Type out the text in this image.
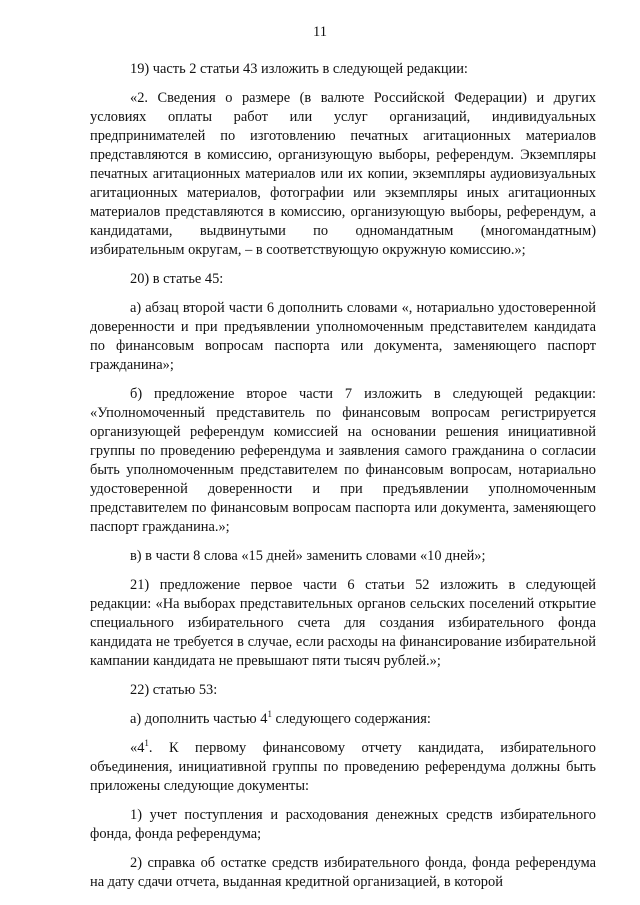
11

19) часть 2 статьи 43 изложить в следующей редакции:

«2. Сведения о размере (в валюте Российской Федерации) и других условиях оплаты работ или услуг организаций, индивидуальных предпринимателей по изготовлению печатных агитационных материалов представляются в комиссию, организующую выборы, референдум. Экземпляры печатных агитационных материалов или их копии, экземпляры аудиовизуальных агитационных материалов, фотографии или экземпляры иных агитационных материалов представляются в комиссию, организующую выборы, референдум, а кандидатами, выдвинутыми по одномандатным (многомандатным) избирательным округам, – в соответствующую окружную комиссию.»;

20) в статье 45:

а) абзац второй части 6 дополнить словами «, нотариально удостоверенной доверенности и при предъявлении уполномоченным представителем кандидата по финансовым вопросам паспорта или документа, заменяющего паспорт гражданина»;

б) предложение второе части 7 изложить в следующей редакции: «Уполномоченный представитель по финансовым вопросам регистрируется организующей референдум комиссией на основании решения инициативной группы по проведению референдума и заявления самого гражданина о согласии быть уполномоченным представителем по финансовым вопросам, нотариально удостоверенной доверенности и при предъявлении уполномоченным представителем по финансовым вопросам паспорта или документа, заменяющего паспорт гражданина.»;

в) в части 8 слова «15 дней» заменить словами «10 дней»;

21) предложение первое части 6 статьи 52 изложить в следующей редакции: «На выборах представительных органов сельских поселений открытие специального избирательного счета для создания избирательного фонда кандидата не требуется в случае, если расходы на финансирование избирательной кампании кандидата не превышают пяти тысяч рублей.»;

22) статью 53:

а) дополнить частью $4^1$ следующего содержания:

«$4^1$. К первому финансовому отчету кандидата, избирательного объединения, инициативной группы по проведению референдума должны быть приложены следующие документы:

1) учет поступления и расходования денежных средств избирательного фонда, фонда референдума;

2) справка об остатке средств избирательного фонда, фонда референдума на дату сдачи отчета, выданная кредитной организацией, в которой
